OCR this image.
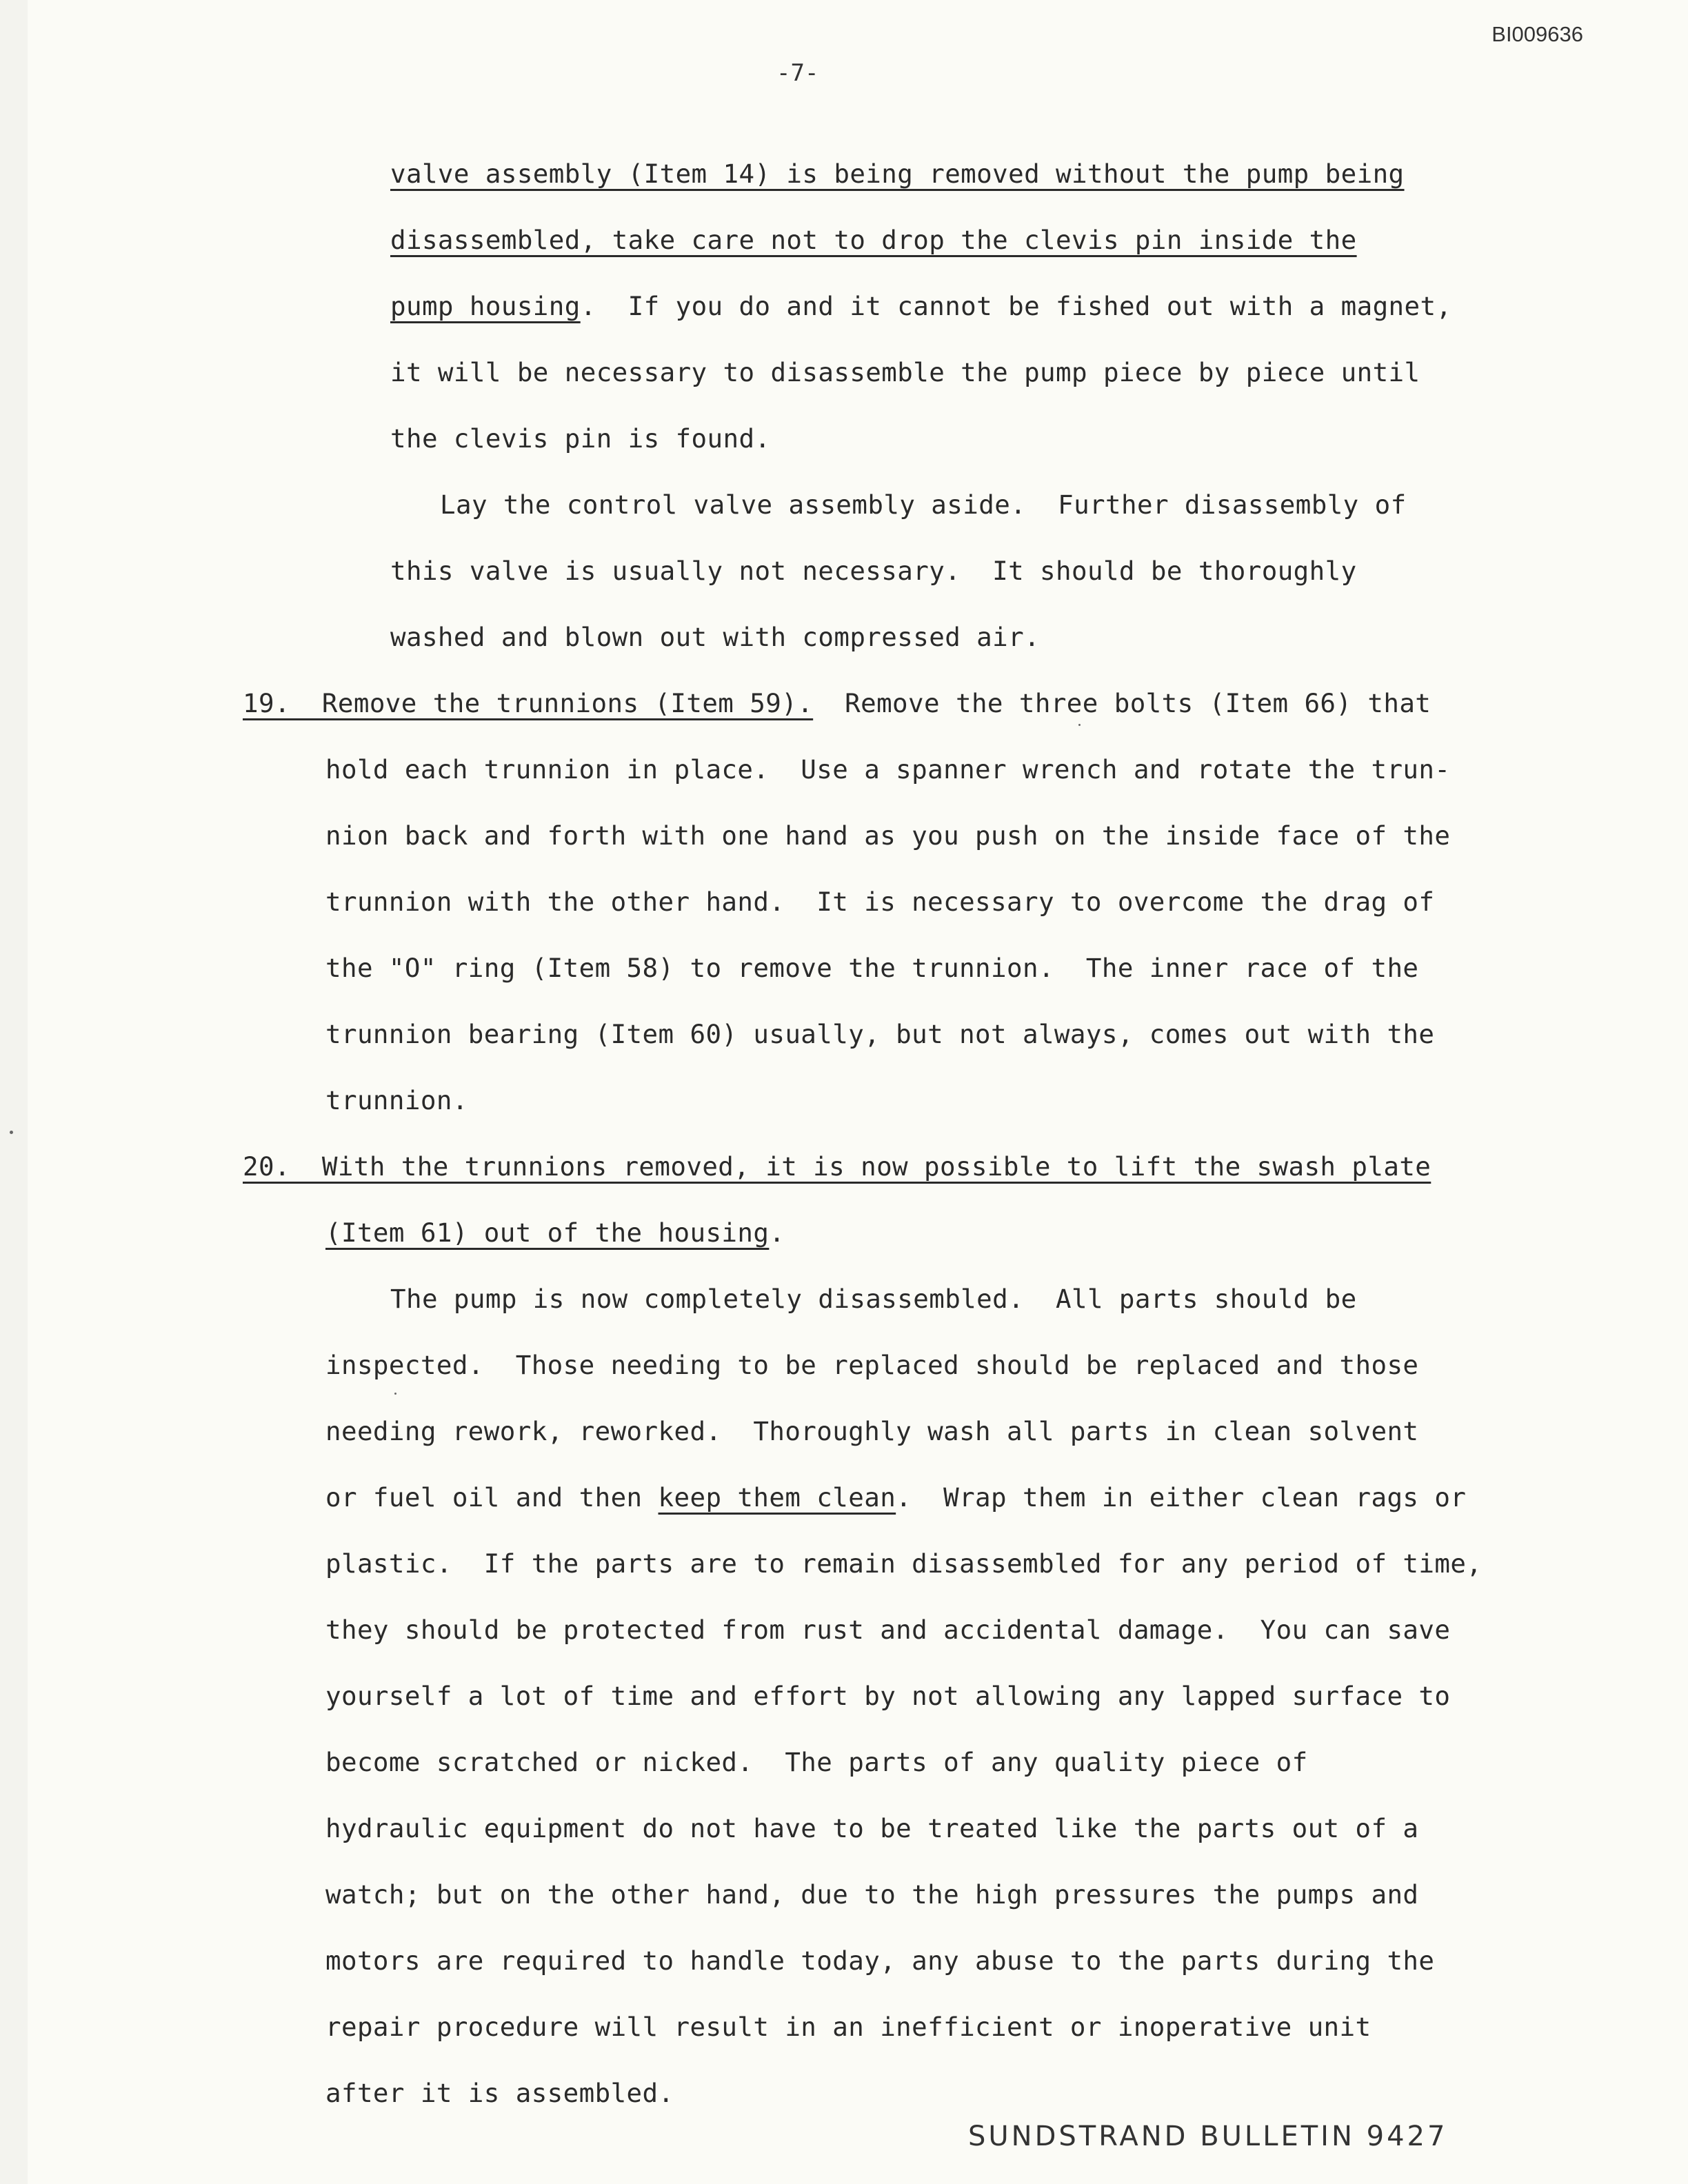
BI009636
-7-
valve assembly (Item 14) is being removed without the pump being
disassembled, take care not to drop the clevis pin inside the
pump housing.  If you do and it cannot be fished out with a magnet,
it will be necessary to disassemble the pump piece by piece until
the clevis pin is found.
Lay the control valve assembly aside.  Further disassembly of
this valve is usually not necessary.  It should be thoroughly
washed and blown out with compressed air.
19.  Remove the trunnions (Item 59).  Remove the three bolts (Item 66) that
hold each trunnion in place.  Use a spanner wrench and rotate the trun-
nion back and forth with one hand as you push on the inside face of the
trunnion with the other hand.  It is necessary to overcome the drag of
the "O" ring (Item 58) to remove the trunnion.  The inner race of the
trunnion bearing (Item 60) usually, but not always, comes out with the
trunnion.
20.  With the trunnions removed, it is now possible to lift the swash plate
(Item 61) out of the housing.
The pump is now completely disassembled.  All parts should be
inspected.  Those needing to be replaced should be replaced and those
needing rework, reworked.  Thoroughly wash all parts in clean solvent
or fuel oil and then keep them clean.  Wrap them in either clean rags or
plastic.  If the parts are to remain disassembled for any period of time,
they should be protected from rust and accidental damage.  You can save
yourself a lot of time and effort by not allowing any lapped surface to
become scratched or nicked.  The parts of any quality piece of
hydraulic equipment do not have to be treated like the parts out of a
watch; but on the other hand, due to the high pressures the pumps and
motors are required to handle today, any abuse to the parts during the
repair procedure will result in an inefficient or inoperative unit
after it is assembled.
SUNDSTRAND BULLETIN 9427
